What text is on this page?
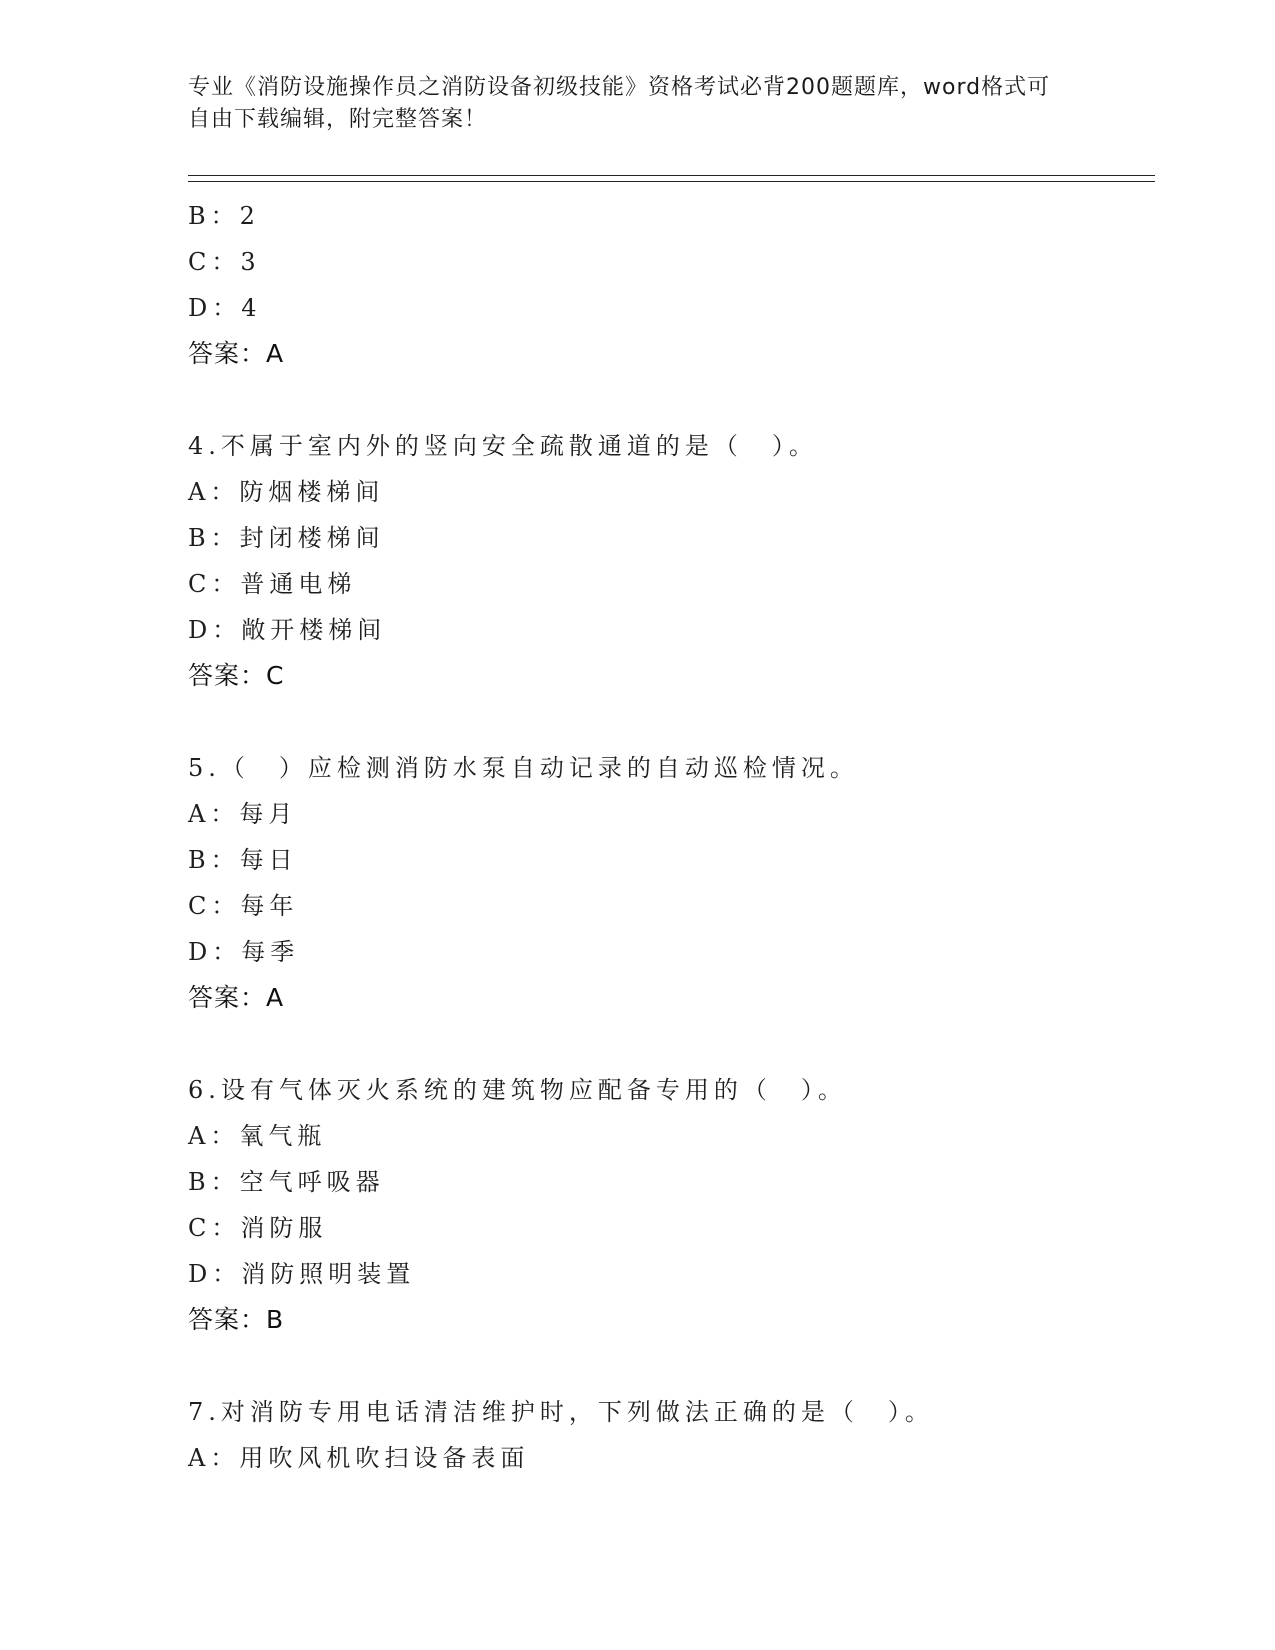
专业《消防设施操作员之消防设备初级技能》资格考试必背200题题库，word格式可自由下载编辑，附完整答案！
B：2
C：3
D：4
答案：A
4.不属于室内外的竖向安全疏散通道的是（　）。
A：防烟楼梯间
B：封闭楼梯间
C：普通电梯
D：敞开楼梯间
答案：C
5.（　）应检测消防水泵自动记录的自动巡检情况。
A：每月
B：每日
C：每年
D：每季
答案：A
6.设有气体灭火系统的建筑物应配备专用的（　）。
A：氧气瓶
B：空气呼吸器
C：消防服
D：消防照明装置
答案：B
7.对消防专用电话清洁维护时，下列做法正确的是（　）。
A：用吹风机吹扫设备表面
